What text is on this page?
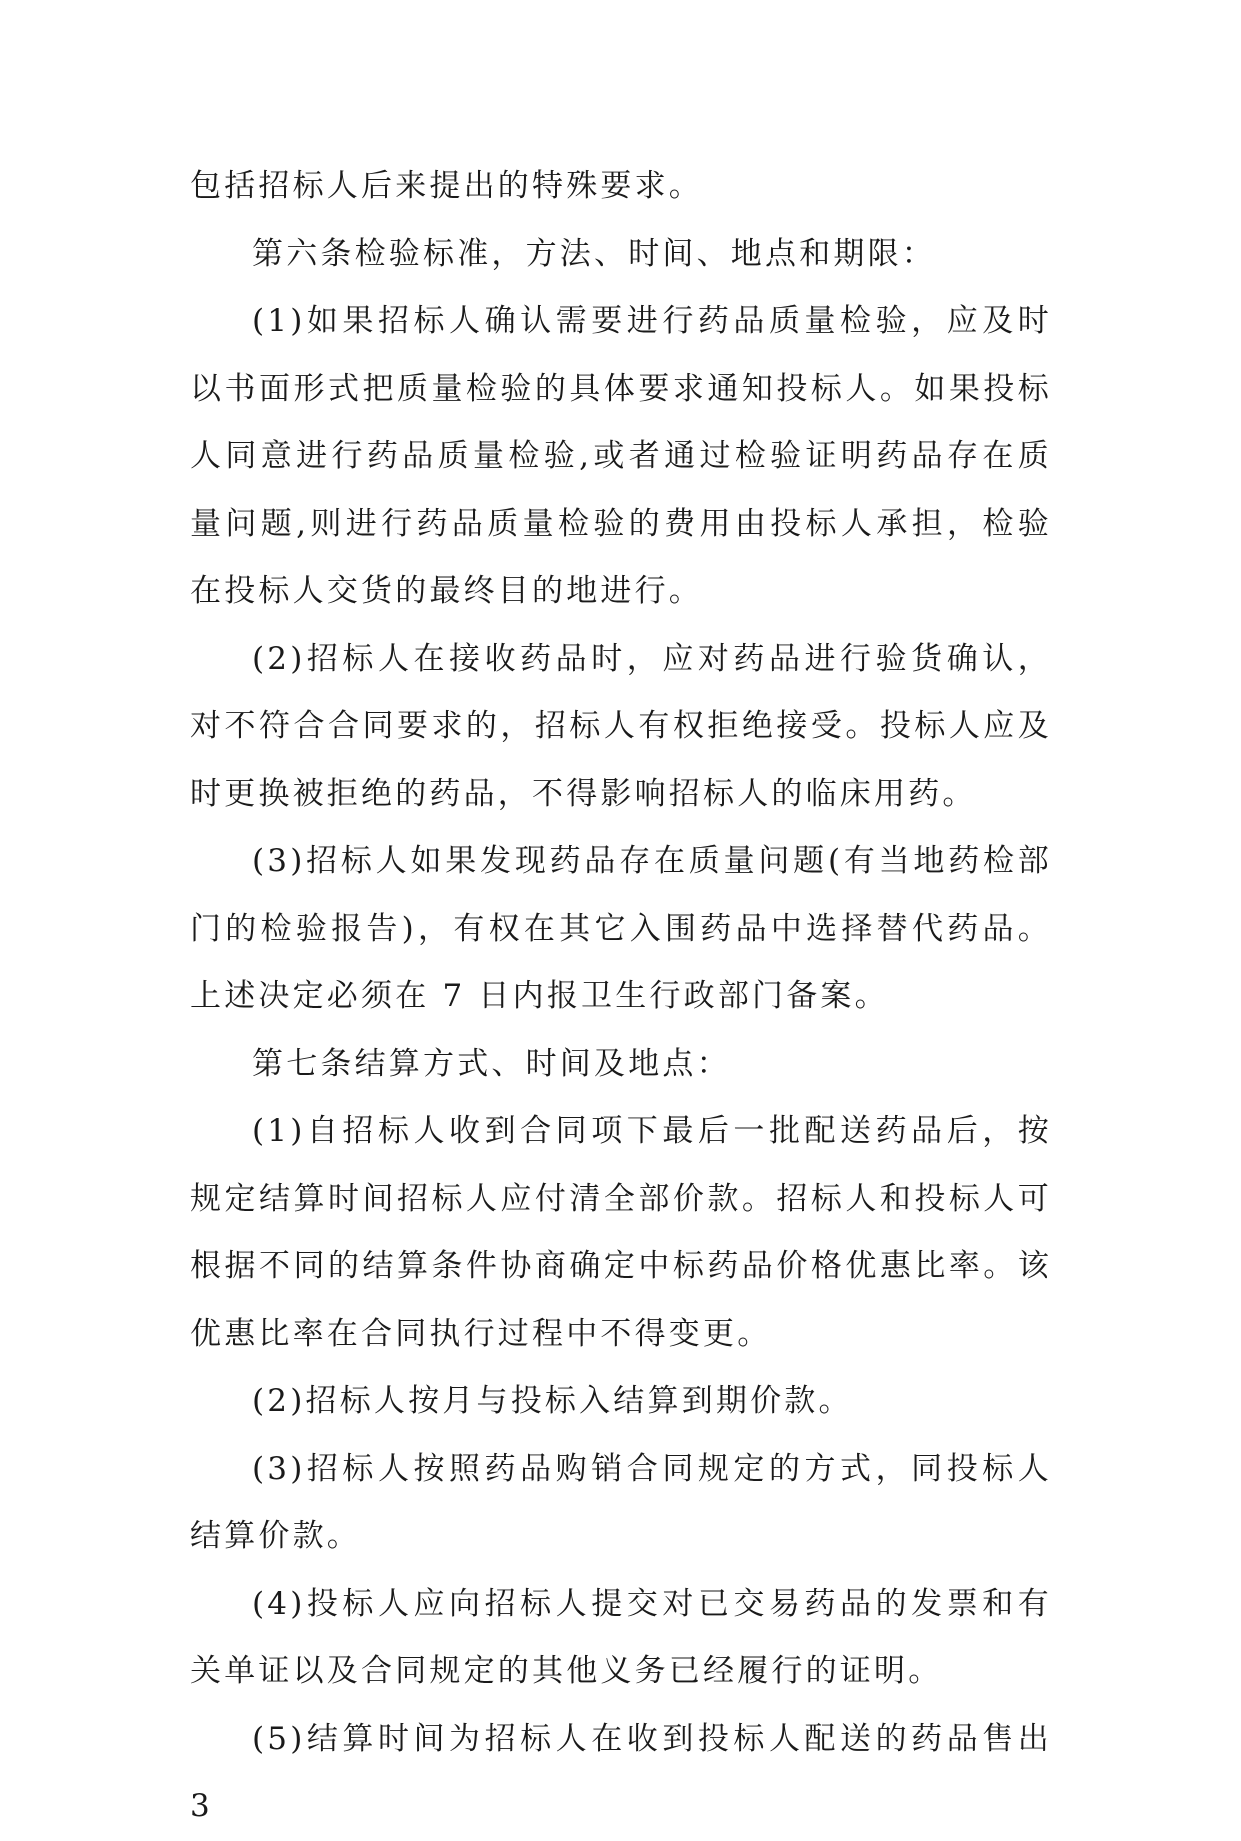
包括招标人后来提出的特殊要求。

第六条检验标准，方法、时间、地点和期限：

(1)如果招标人确认需要进行药品质量检验，应及时以书面形式把质量检验的具体要求通知投标人。如果投标人同意进行药品质量检验,或者通过检验证明药品存在质量问题,则进行药品质量检验的费用由投标人承担，检验在投标人交货的最终目的地进行。

(2)招标人在接收药品时，应对药品进行验货确认，对不符合合同要求的，招标人有权拒绝接受。投标人应及时更换被拒绝的药品，不得影响招标人的临床用药。

(3)招标人如果发现药品存在质量问题(有当地药检部门的检验报告)，有权在其它入围药品中选择替代药品。上述决定必须在 7 日内报卫生行政部门备案。

第七条结算方式、时间及地点：

(1)自招标人收到合同项下最后一批配送药品后，按规定结算时间招标人应付清全部价款。招标人和投标人可根据不同的结算条件协商确定中标药品价格优惠比率。该优惠比率在合同执行过程中不得变更。

(2)招标人按月与投标入结算到期价款。

(3)招标人按照药品购销合同规定的方式，同投标人结算价款。

(4)投标人应向招标人提交对已交易药品的发票和有关单证以及合同规定的其他义务已经履行的证明。

(5)结算时间为招标人在收到投标人配送的药品售出 3
